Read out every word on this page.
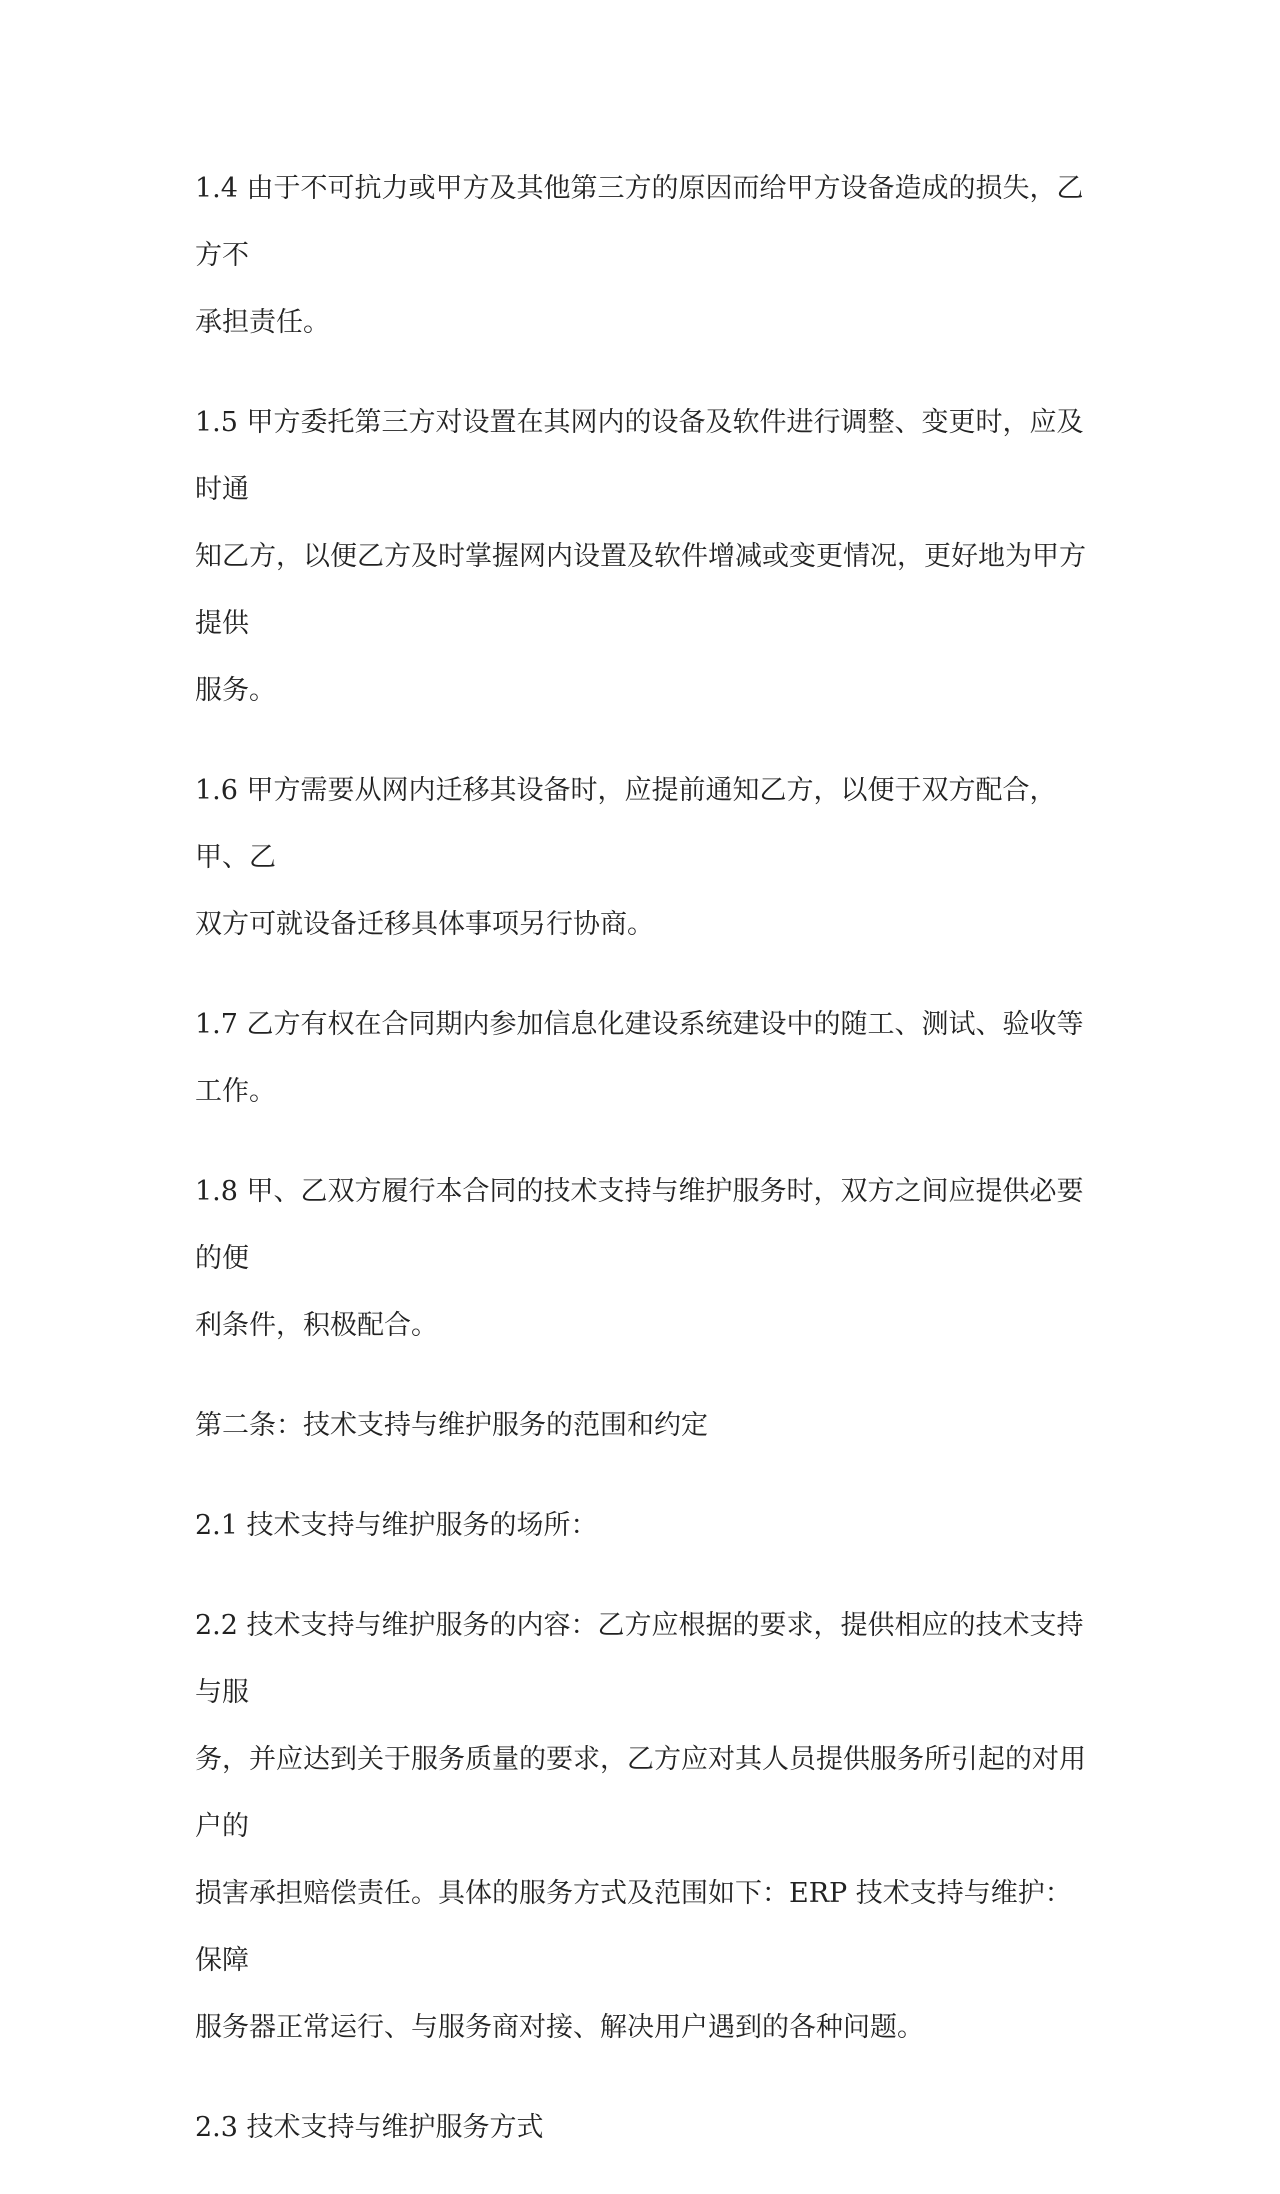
1.4 由于不可抗力或甲方及其他第三方的原因而给甲方设备造成的损失，乙方不
承担责任。

1.5 甲方委托第三方对设置在其网内的设备及软件进行调整、变更时，应及时通
知乙方，以便乙方及时掌握网内设置及软件增减或变更情况，更好地为甲方提供
服务。

1.6 甲方需要从网内迁移其设备时，应提前通知乙方，以便于双方配合，甲、乙
双方可就设备迁移具体事项另行协商。

1.7 乙方有权在合同期内参加信息化建设系统建设中的随工、测试、验收等工作。

1.8 甲、乙双方履行本合同的技术支持与维护服务时，双方之间应提供必要的便
利条件，积极配合。

第二条：技术支持与维护服务的范围和约定

2.1 技术支持与维护服务的场所：

2.2 技术支持与维护服务的内容：乙方应根据的要求，提供相应的技术支持与服
务，并应达到关于服务质量的要求，乙方应对其人员提供服务所引起的对用户的
损害承担赔偿责任。具体的服务方式及范围如下：ERP 技术支持与维护：保障
服务器正常运行、与服务商对接、解决用户遇到的各种问题。

2.3 技术支持与维护服务方式
